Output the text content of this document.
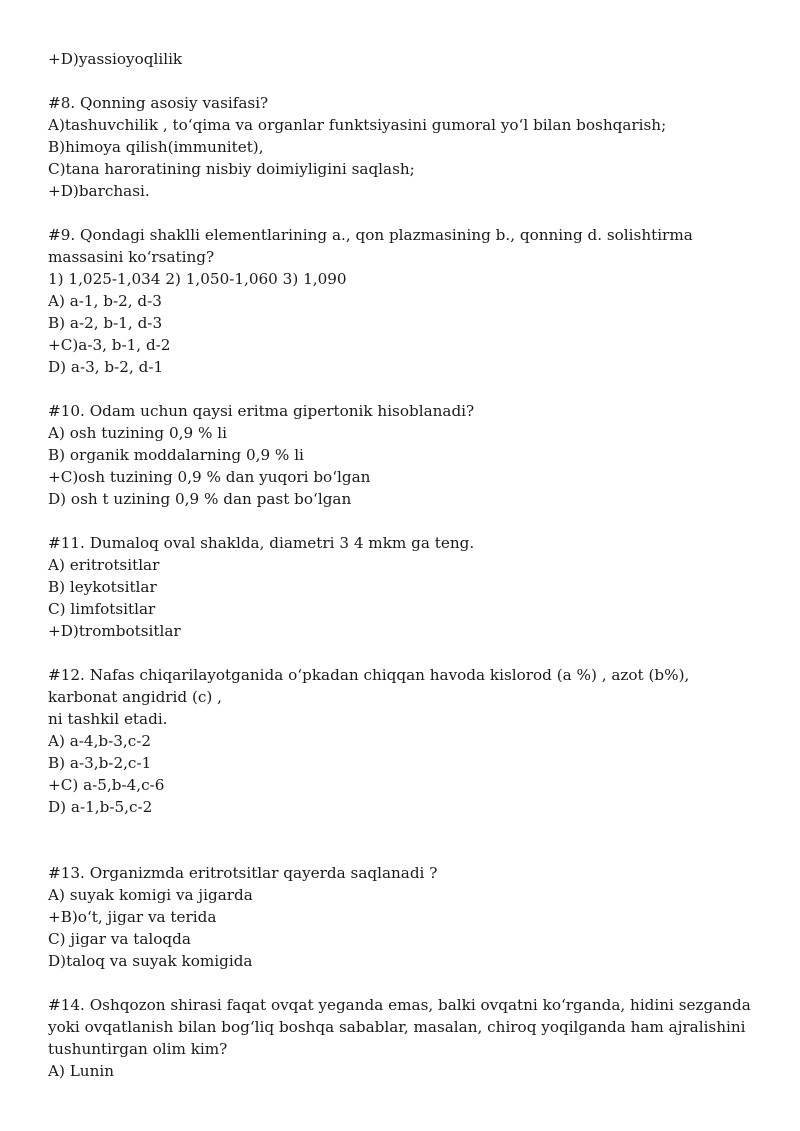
+D)yassioyoqlilik
#8. Qonning asosiy vasifasi?
A)tashuvchilik , to‘qima va organlar funktsiyasini gumoral yo‘l bilan boshqarish;
B)himoya qilish(immunitet),
C)tana haroratining nisbiy doimiyligini saqlash;
+D)barchasi.
#9. Qondagi shaklli elementlarining a., qon plazmasining b., qonning d. solishtirma
massasini ko‘rsating?
1) 1,025-1,034 2) 1,050-1,060 3) 1,090
A) a-1, b-2, d-3
B) a-2, b-1, d-3
+C)a-3, b-1, d-2
D) a-3, b-2, d-1
#10. Odam uchun qaysi eritma gipertonik hisoblanadi?
A) osh tuzining 0,9 % li
B) organik moddalarning 0,9 % li
+C)osh tuzining 0,9 % dan yuqori bo‘lgan
D) osh t uzining 0,9 % dan past bo‘lgan
#11. Dumaloq oval shaklda, diametri 3 4 mkm ga teng.
A) eritrotsitlar
B) leykotsitlar
C) limfotsitlar
+D)trombotsitlar
#12. Nafas chiqarilayotganida o‘pkadan chiqqan havoda kislorod (a %) , azot (b%),
karbonat angidrid (c) ,
ni tashkil etadi.
A) a-4,b-3,c-2
B) a-3,b-2,c-1
+C) a-5,b-4,c-6
D) a-1,b-5,c-2
#13. Organizmda eritrotsitlar qayerda saqlanadi ?
A) suyak komigi va jigarda
+B)o‘t, jigar va terida
C) jigar va taloqda
D)taloq va suyak komigida
#14. Oshqozon shirasi faqat ovqat yeganda emas, balki ovqatni ko‘rganda, hidini sezganda
yoki ovqatlanish bilan bog‘liq boshqa sabablar, masalan, chiroq yoqilganda ham ajralishini
tushuntirgan olim kim?
A) Lunin
